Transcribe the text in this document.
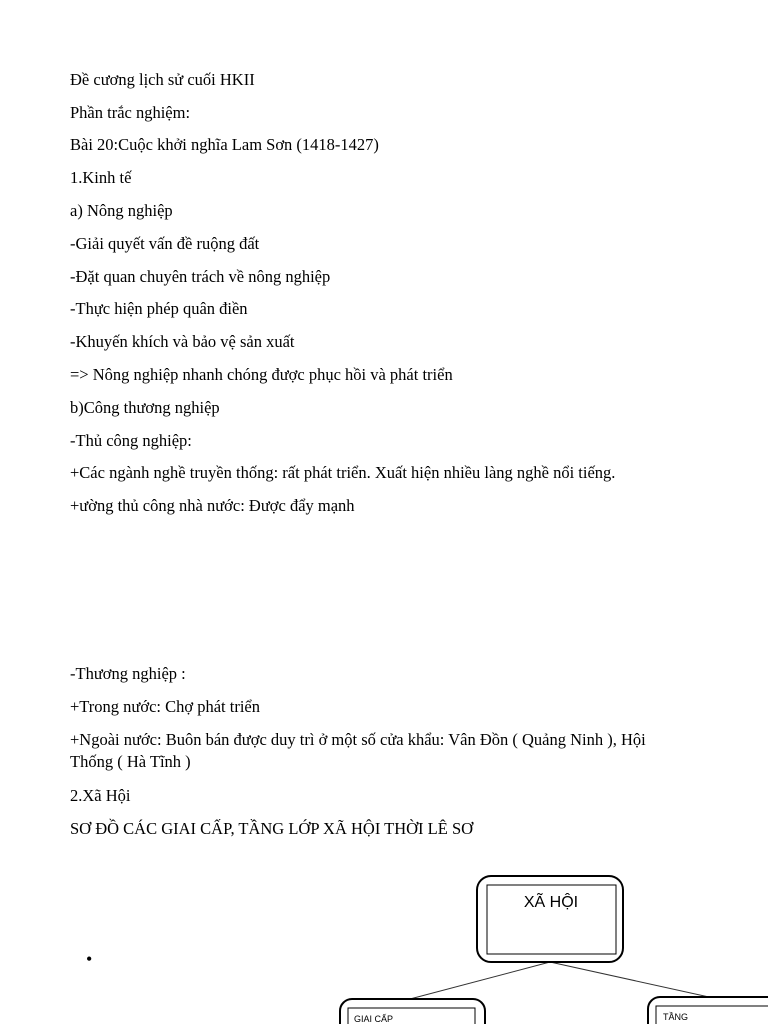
Đề cương lịch sử cuối HKII
Phần trắc nghiệm:
Bài 20:Cuộc khởi nghĩa Lam Sơn (1418-1427)
1.Kinh tế
a) Nông nghiệp
-Giải quyết vấn đề ruộng đất
-Đặt quan chuyên trách về nông nghiệp
-Thực hiện phép quân điền
-Khuyến khích và bảo vệ sản xuất
=> Nông nghiệp nhanh chóng được phục hồi và phát triển
b)Công thương nghiệp
-Thủ công nghiệp:
+Các ngành nghề truyền thống: rất phát triển. Xuất hiện nhiều làng nghề nổi tiếng.
+ường thủ công nhà nước: Được đẩy mạnh
-Thương nghiệp :
+Trong nước: Chợ phát triển
+Ngoài nước: Buôn bán được duy trì ở một số cửa khẩu: Vân Đồn ( Quảng Ninh ), Hội Thống ( Hà Tĩnh )
2.Xã Hội
SƠ ĐỒ CÁC GIAI CẤP, TẦNG LỚP XÃ HỘI THỜI LÊ SƠ
•
XÃ HỘI
GIAI CẤP	TẦNG
